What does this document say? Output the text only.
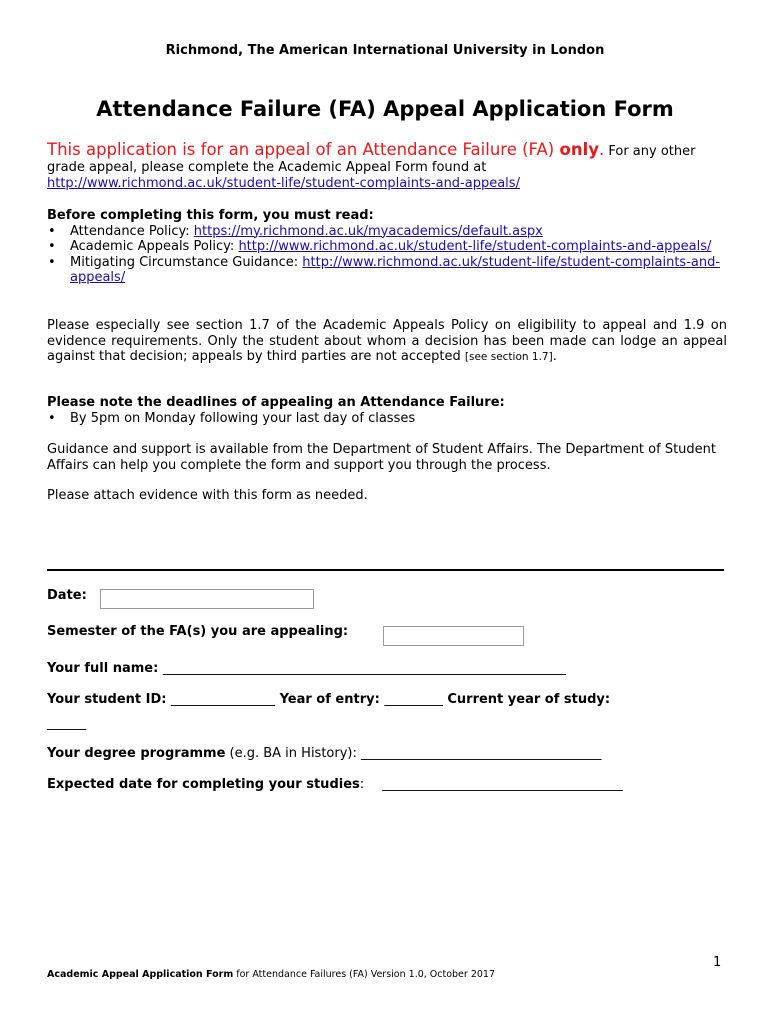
Richmond, The American International University in London
Attendance Failure (FA) Appeal Application Form
This application is for an appeal of an Attendance Failure (FA) only. For any other grade appeal, please complete the Academic Appeal Form found at
http://www.richmond.ac.uk/student-life/student-complaints-and-appeals/
Before completing this form, you must read:
• Attendance Policy: https://my.richmond.ac.uk/myacademics/default.aspx
• Academic Appeals Policy: http://www.richmond.ac.uk/student-life/student-complaints-and-appeals/
• Mitigating Circumstance Guidance: http://www.richmond.ac.uk/student-life/student-complaints-and-appeals/
Please especially see section 1.7 of the Academic Appeals Policy on eligibility to appeal and 1.9 on evidence requirements. Only the student about whom a decision has been made can lodge an appeal against that decision; appeals by third parties are not accepted [see section 1.7].
Please note the deadlines of appealing an Attendance Failure:
• By 5pm on Monday following your last day of classes
Guidance and support is available from the Department of Student Affairs. The Department of Student Affairs can help you complete the form and support you through the process.
Please attach evidence with this form as needed.
Date:
Semester of the FA(s) you are appealing:
Your full name: ______________________________________________________________
Your student ID: ________________ Year of entry: _________ Current year of study:
______
Your degree programme (e.g. BA in History): _____________________________________
Expected date for completing your studies: _____________________________________
1
Academic Appeal Application Form for Attendance Failures (FA) Version 1.0, October 2017
